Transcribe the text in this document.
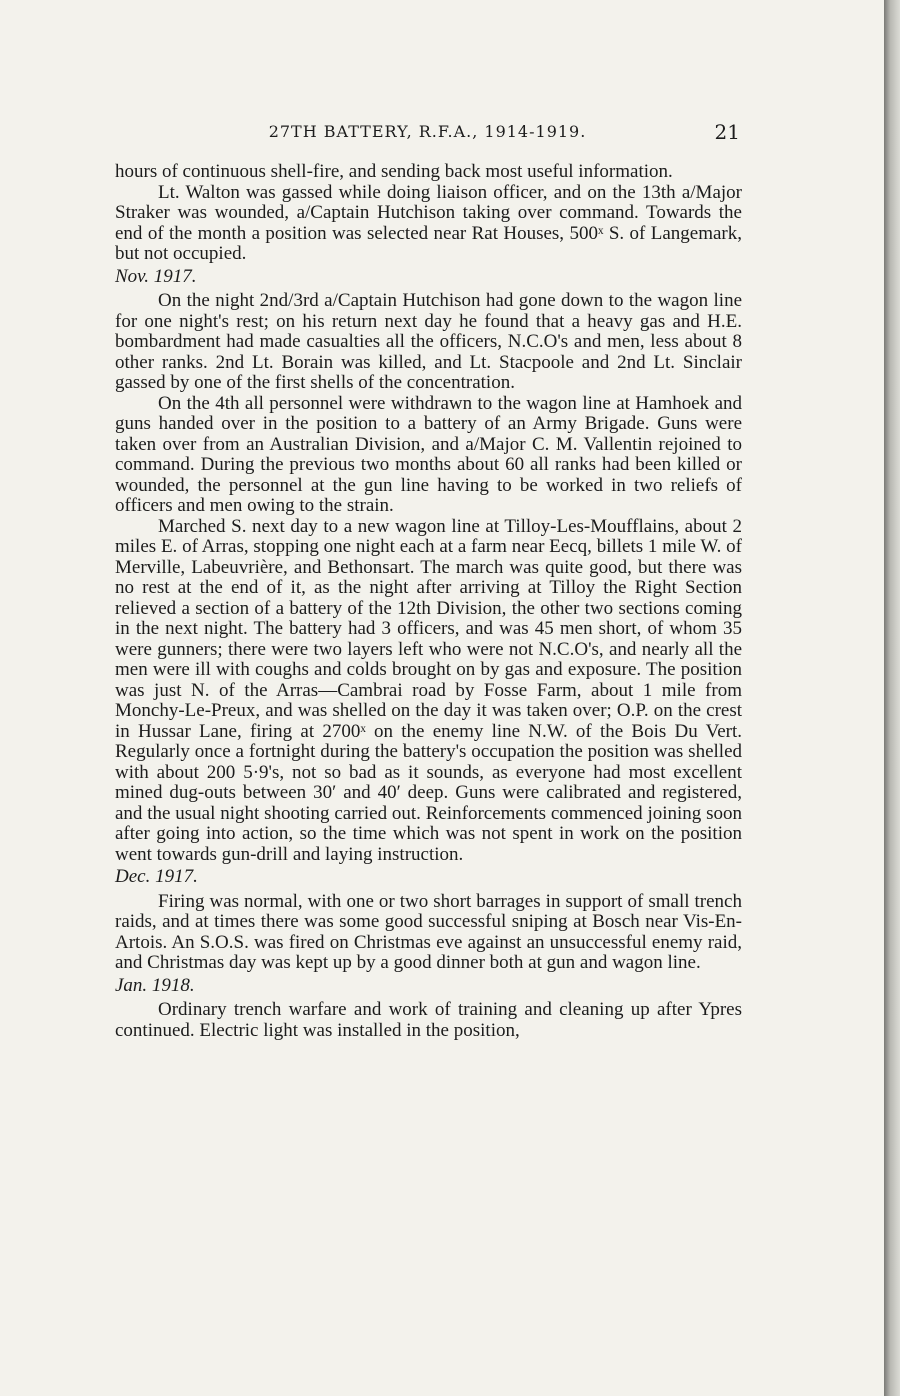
27TH BATTERY, R.F.A., 1914-1919.	21

hours of continuous shell-fire, and sending back most useful information.

Lt. Walton was gassed while doing liaison officer, and on the 13th a/Major Straker was wounded, a/Captain Hutchison taking over command. Towards the end of the month a position was selected near Rat Houses, 500ˣ S. of Langemark, but not occupied.

Nov. 1917.

On the night 2nd/3rd a/Captain Hutchison had gone down to the wagon line for one night's rest; on his return next day he found that a heavy gas and H.E. bombardment had made casualties all the officers, N.C.O's and men, less about 8 other ranks. 2nd Lt. Borain was killed, and Lt. Stacpoole and 2nd Lt. Sinclair gassed by one of the first shells of the concentration.

On the 4th all personnel were withdrawn to the wagon line at Hamhoek and guns handed over in the position to a battery of an Army Brigade. Guns were taken over from an Australian Division, and a/Major C. M. Vallentin rejoined to command. During the previous two months about 60 all ranks had been killed or wounded, the personnel at the gun line having to be worked in two reliefs of officers and men owing to the strain.

Marched S. next day to a new wagon line at Tilloy-Les-Moufflains, about 2 miles E. of Arras, stopping one night each at a farm near Eecq, billets 1 mile W. of Merville, Labeuvrière, and Bethonsart. The march was quite good, but there was no rest at the end of it, as the night after arriving at Tilloy the Right Section relieved a section of a battery of the 12th Division, the other two sections coming in the next night. The battery had 3 officers, and was 45 men short, of whom 35 were gunners; there were two layers left who were not N.C.O's, and nearly all the men were ill with coughs and colds brought on by gas and exposure. The position was just N. of the Arras—Cambrai road by Fosse Farm, about 1 mile from Monchy-Le-Preux, and was shelled on the day it was taken over; O.P. on the crest in Hussar Lane, firing at 2700ˣ on the enemy line N.W. of the Bois Du Vert. Regularly once a fortnight during the battery's occupation the position was shelled with about 200 5·9's, not so bad as it sounds, as everyone had most excellent mined dug-outs between 30′ and 40′ deep. Guns were calibrated and registered, and the usual night shooting carried out. Reinforcements commenced joining soon after going into action, so the time which was not spent in work on the position went towards gun-drill and laying instruction.

Dec. 1917.

Firing was normal, with one or two short barrages in support of small trench raids, and at times there was some good successful sniping at Bosch near Vis-En-Artois. An S.O.S. was fired on Christmas eve against an unsuccessful enemy raid, and Christmas day was kept up by a good dinner both at gun and wagon line.

Jan. 1918.

Ordinary trench warfare and work of training and cleaning up after Ypres continued. Electric light was installed in the position,
